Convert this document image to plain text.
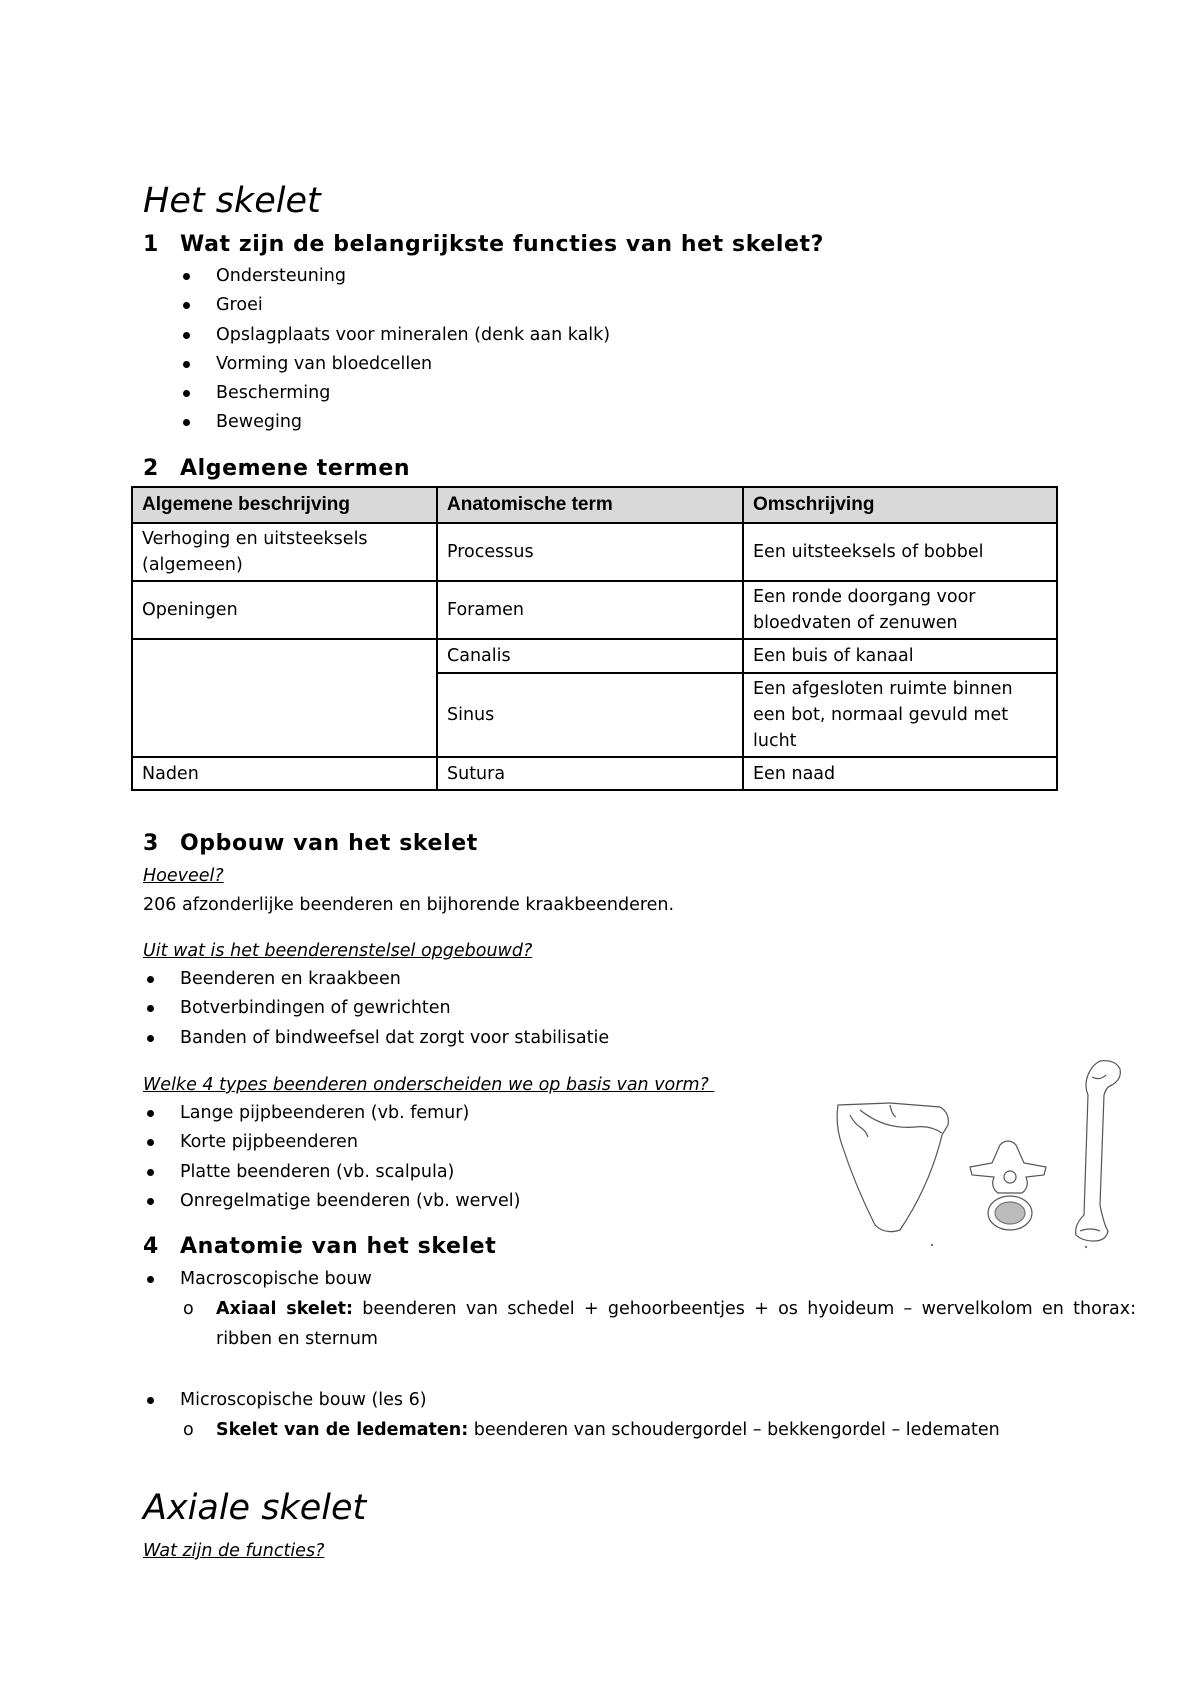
Het skelet
1 Wat zijn de belangrijkste functies van het skelet?
Ondersteuning
Groei
Opslagplaats voor mineralen (denk aan kalk)
Vorming van bloedcellen
Bescherming
Beweging
2 Algemene termen
Algemene beschrijving	Anatomische term	Omschrijving
Verhoging en uitsteeksels (algemeen)	Processus	Een uitsteeksels of bobbel
Openingen	Foramen	Een ronde doorgang voor bloedvaten of zenuwen
	Canalis	Een buis of kanaal
	Sinus	Een afgesloten ruimte binnen een bot, normaal gevuld met lucht
Naden	Sutura	Een naad
3 Opbouw van het skelet
Hoeveel?
206 afzonderlijke beenderen en bijhorende kraakbeenderen.
Uit wat is het beenderenstelsel opgebouwd?
Beenderen en kraakbeen
Botverbindingen of gewrichten
Banden of bindweefsel dat zorgt voor stabilisatie
Welke 4 types beenderen onderscheiden we op basis van vorm?
Lange pijpbeenderen (vb. femur)
Korte pijpbeenderen
Platte beenderen (vb. scalpula)
Onregelmatige beenderen (vb. wervel)
4 Anatomie van het skelet
Macroscopische bouw
o Axiaal skelet: beenderen van schedel + gehoorbeentjes + os hyoideum – wervelkolom en thorax: ribben en sternum
o Skelet van de ledematen: beenderen van schoudergordel – bekkengordel – ledematen
Microscopische bouw (les 6)
Axiale skelet
Wat zijn de functies?
